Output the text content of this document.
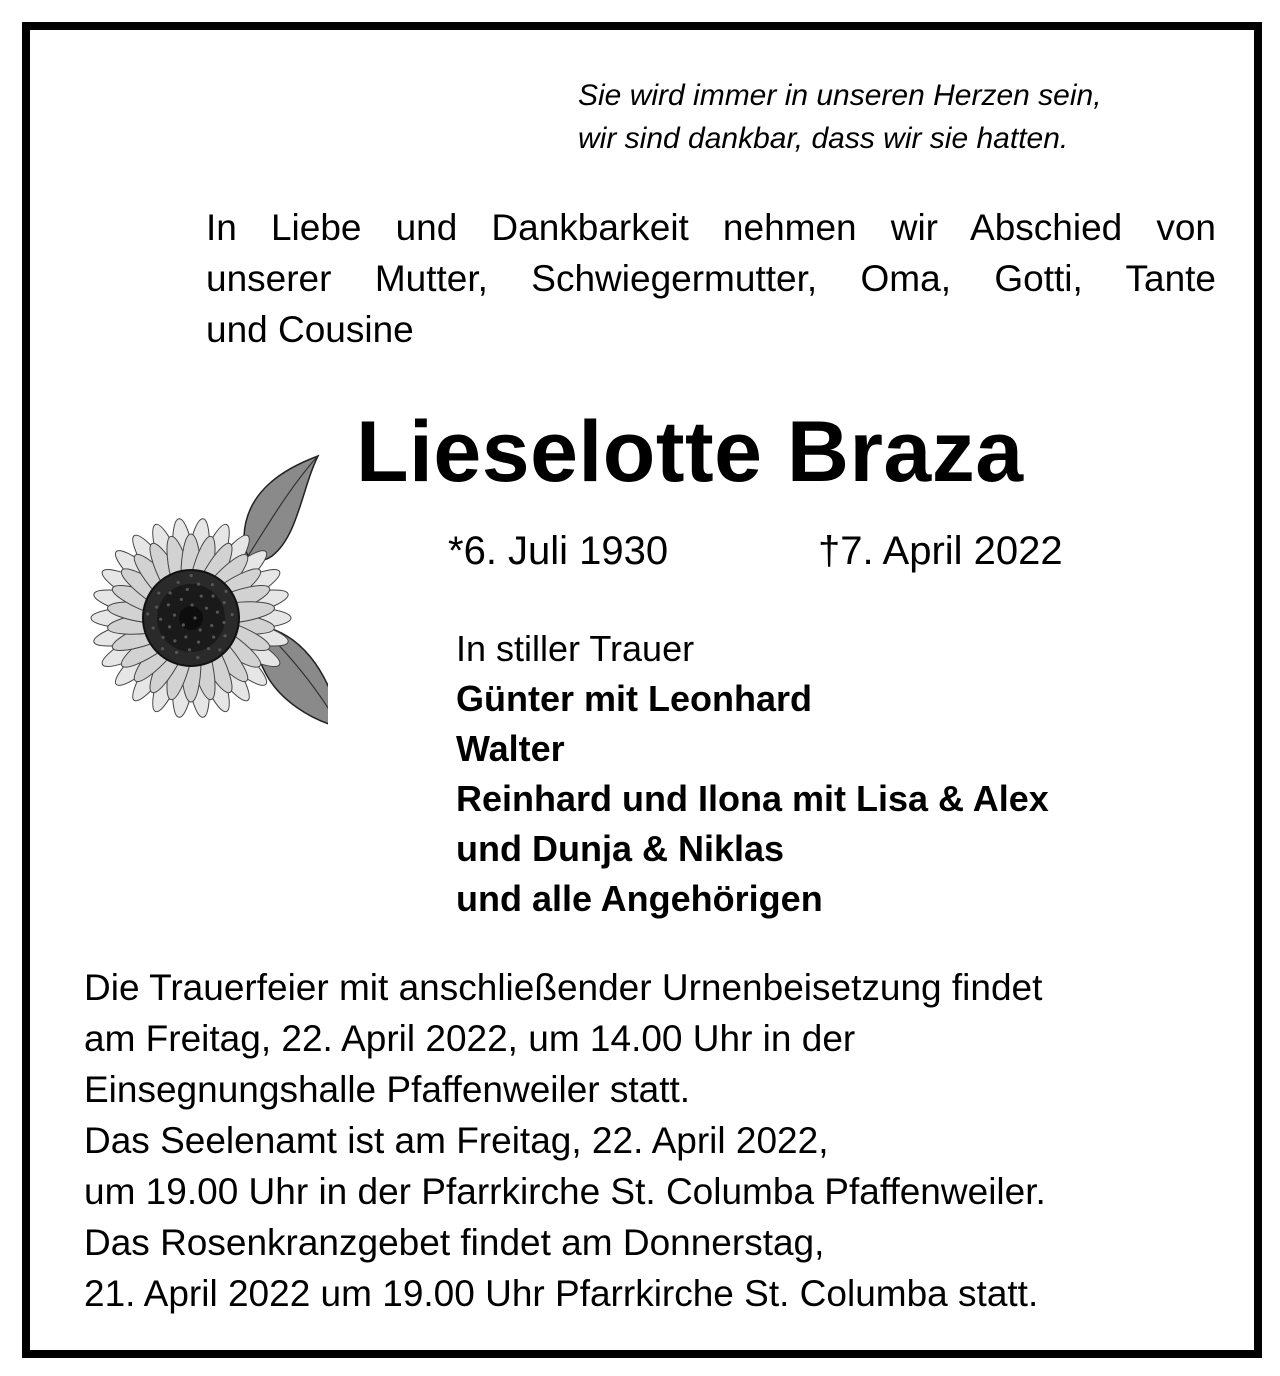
Sie wird immer in unseren Herzen sein,
wir sind dankbar, dass wir sie hatten.
In Liebe und Dankbarkeit nehmen wir Abschied von
unserer Mutter, Schwiegermutter, Oma, Gotti, Tante
und Cousine
Lieselotte Braza
*6. Juli 1930	†7. April 2022
In stiller Trauer
Günter mit Leonhard
Walter
Reinhard und Ilona mit Lisa & Alex
und Dunja & Niklas
und alle Angehörigen
Die Trauerfeier mit anschließender Urnenbeisetzung findet
am Freitag, 22. April 2022, um 14.00 Uhr in der
Einsegnungshalle Pfaffenweiler statt.
Das Seelenamt ist am Freitag, 22. April 2022,
um 19.00 Uhr in der Pfarrkirche St. Columba Pfaffenweiler.
Das Rosenkranzgebet findet am Donnerstag,
21. April 2022 um 19.00 Uhr Pfarrkirche St. Columba statt.
